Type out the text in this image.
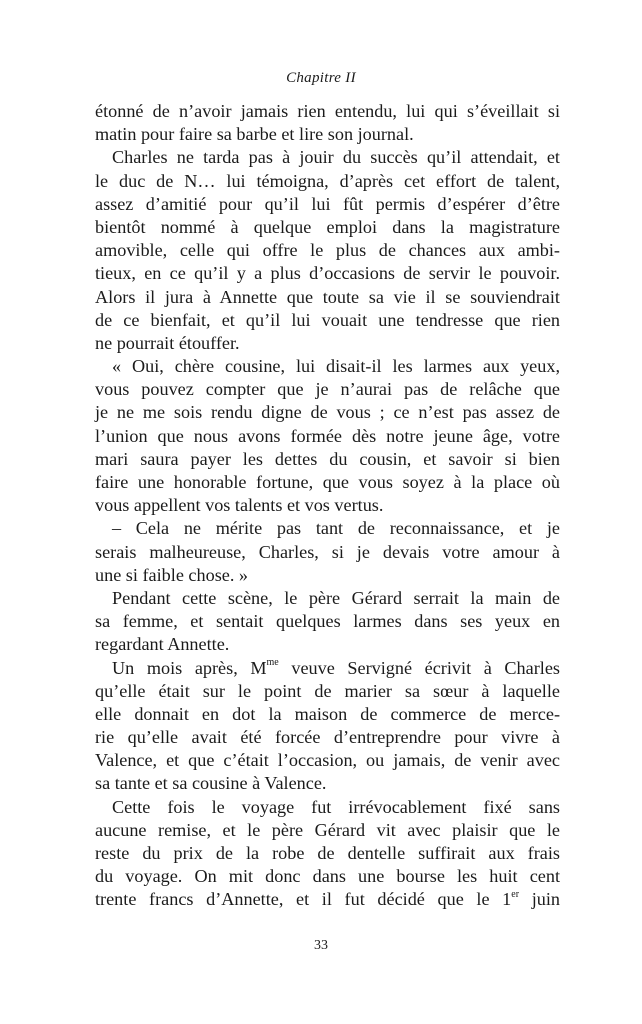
Chapitre II
étonné de n’avoir jamais rien entendu, lui qui s’éveillait si
matin pour faire sa barbe et lire son journal.
Charles ne tarda pas à jouir du succès qu’il attendait, et
le duc de N… lui témoigna, d’après cet effort de talent,
assez d’amitié pour qu’il lui fût permis d’espérer d’être
bientôt nommé à quelque emploi dans la magistrature
amovible, celle qui offre le plus de chances aux ambi-
tieux, en ce qu’il y a plus d’occasions de servir le pouvoir.
Alors il jura à Annette que toute sa vie il se souviendrait
de ce bienfait, et qu’il lui vouait une tendresse que rien
ne pourrait étouffer.
« Oui, chère cousine, lui disait-il les larmes aux yeux,
vous pouvez compter que je n’aurai pas de relâche que
je ne me sois rendu digne de vous ; ce n’est pas assez de
l’union que nous avons formée dès notre jeune âge, votre
mari saura payer les dettes du cousin, et savoir si bien
faire une honorable fortune, que vous soyez à la place où
vous appellent vos talents et vos vertus.
– Cela ne mérite pas tant de reconnaissance, et je
serais malheureuse, Charles, si je devais votre amour à
une si faible chose. »
Pendant cette scène, le père Gérard serrait la main de
sa femme, et sentait quelques larmes dans ses yeux en
regardant Annette.
Un mois après, $M^{me}$ veuve Servigné écrivit à Charles
qu’elle était sur le point de marier sa sœur à laquelle
elle donnait en dot la maison de commerce de merce-
rie qu’elle avait été forcée d’entreprendre pour vivre à
Valence, et que c’était l’occasion, ou jamais, de venir avec
sa tante et sa cousine à Valence.
Cette fois le voyage fut irrévocablement fixé sans
aucune remise, et le père Gérard vit avec plaisir que le
reste du prix de la robe de dentelle suffirait aux frais
du voyage. On mit donc dans une bourse les huit cent
trente francs d’Annette, et il fut décidé que le 1er juin
33
